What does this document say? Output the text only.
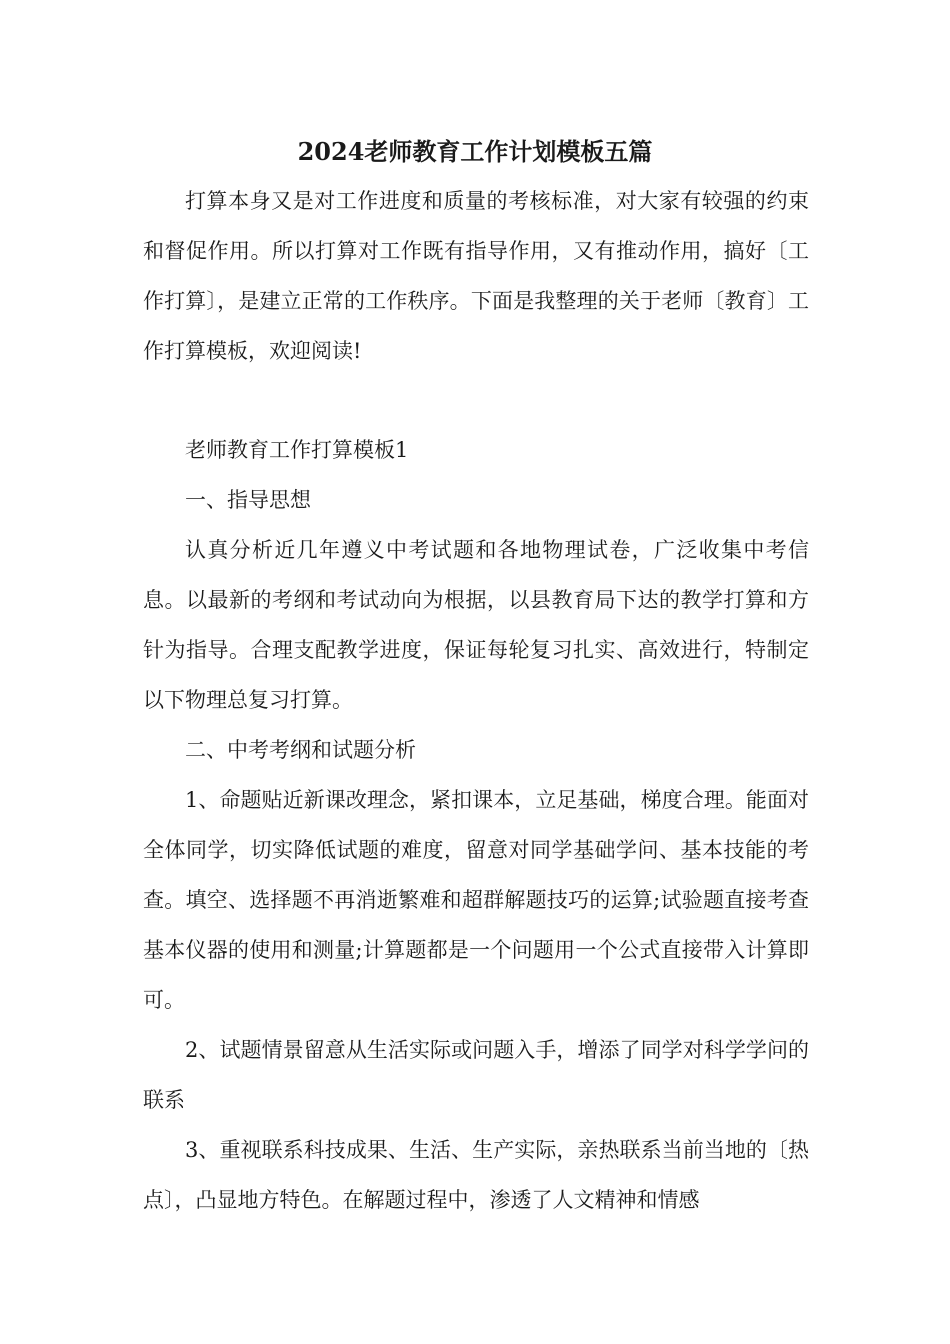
2024老师教育工作计划模板五篇

打算本身又是对工作进度和质量的考核标准，对大家有较强的约束和督促作用。所以打算对工作既有指导作用，又有推动作用，搞好〔工作打算〕，是建立正常的工作秩序。下面是我整理的关于老师〔教育〕工作打算模板，欢迎阅读!

老师教育工作打算模板1

一、指导思想

认真分析近几年遵义中考试题和各地物理试卷，广泛收集中考信息。以最新的考纲和考试动向为根据，以县教育局下达的教学打算和方针为指导。合理支配教学进度，保证每轮复习扎实、高效进行，特制定以下物理总复习打算。

二、中考考纲和试题分析

1、命题贴近新课改理念，紧扣课本，立足基础，梯度合理。能面对全体同学，切实降低试题的难度，留意对同学基础学问、基本技能的考查。填空、选择题不再消逝繁难和超群解题技巧的运算;试验题直接考查基本仪器的使用和测量;计算题都是一个问题用一个公式直接带入计算即可。

2、试题情景留意从生活实际或问题入手，增添了同学对科学学问的联系

3、重视联系科技成果、生活、生产实际，亲热联系当前当地的〔热点〕，凸显地方特色。在解题过程中，渗透了人文精神和情感
